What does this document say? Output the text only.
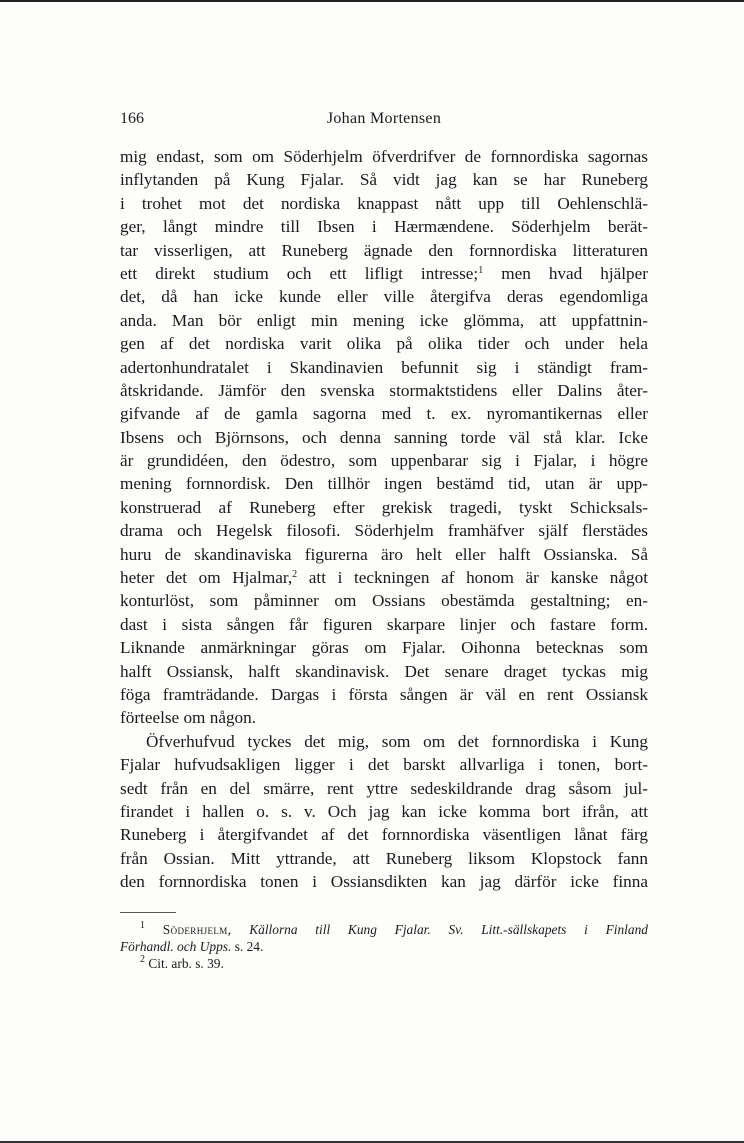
166	Johan Mortensen
mig endast, som om Söderhjelm öfverdrifver de fornnordiska sagornas
inflytanden på Kung Fjalar. Så vidt jag kan se har Runeberg
i trohet mot det nordiska knappast nått upp till Oehlenschlä-
ger, långt mindre till Ibsen i Hærmændene. Söderhjelm berät-
tar visserligen, att Runeberg ägnade den fornnordiska litteraturen
ett direkt studium och ett lifligt intresse;$^1$ men hvad hjälper
det, då han icke kunde eller ville återgifva deras egendomliga
anda. Man bör enligt min mening icke glömma, att uppfattnin-
gen af det nordiska varit olika på olika tider och under hela
adertonhundratalet i Skandinavien befunnit sig i ständigt fram-
åtskridande. Jämför den svenska stormaktstidens eller Dalins åter-
gifvande af de gamla sagorna med t. ex. nyromantikernas eller
Ibsens och Björnsons, och denna sanning torde väl stå klar. Icke
är grundidéen, den ödestro, som uppenbarar sig i Fjalar, i högre
mening fornnordisk. Den tillhör ingen bestämd tid, utan är upp-
konstruerad af Runeberg efter grekisk tragedi, tyskt Schicksals-
drama och Hegelsk filosofi. Söderhjelm framhäfver själf flerstädes
huru de skandinaviska figurerna äro helt eller halft Ossianska. Så
heter det om Hjalmar,$^2$ att i teckningen af honom är kanske något
konturlöst, som påminner om Ossians obestämda gestaltning; en-
dast i sista sången får figuren skarpare linjer och fastare form.
Liknande anmärkningar göras om Fjalar. Oihonna betecknas som
halft Ossiansk, halft skandinavisk. Det senare draget tyckas mig
föga framträdande. Dargas i första sången är väl en rent Ossiansk
förteelse om någon.
Öfverhufvud tyckes det mig, som om det fornnordiska i Kung
Fjalar hufvudsakligen ligger i det barskt allvarliga i tonen, bort-
sedt från en del smärre, rent yttre sedeskildrande drag såsom jul-
firandet i hallen o. s. v. Och jag kan icke komma bort ifrån, att
Runeberg i återgifvandet af det fornnordiska väsentligen lånat färg
från Ossian. Mitt yttrande, att Runeberg liksom Klopstock fann
den fornnordiska tonen i Ossiansdikten kan jag därför icke finna
$^1$ Söderhjelm, Källorna till Kung Fjalar. Sv. Litt.-sällskapets i Finland
Förhandl. och Upps. s. 24.
$^2$ Cit. arb. s. 39.
